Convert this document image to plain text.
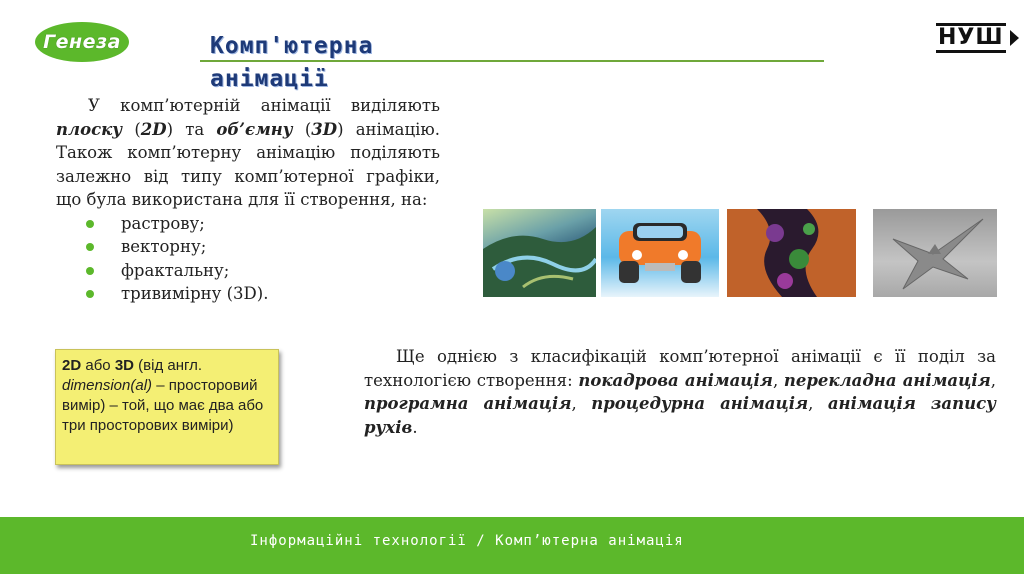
Генеза	Комп'ютерна анімації
НУШ

У комп’ютерній анімації виділяють плоску (2D) та об’ємну (3D) анімацію. Також комп’ютерну анімацію поділяють залежно від типу комп’ютерної графіки, що була використана для її створення, на:

растрову;
векторну;
фрактальну;
тривимірну (3D).
2D або 3D (від англ.
dimension(al) – просторовий вимір) – той, що має два або три просторових виміри)

Ще однією з класифікацій комп’ютерної анімації є її поділ за технологією створення: покадрова анімація, перекладна анімація, програмна анімація, процедурна анімація, анімація запису рухів.

Інформаційні технології / Комп’ютерна анімація
